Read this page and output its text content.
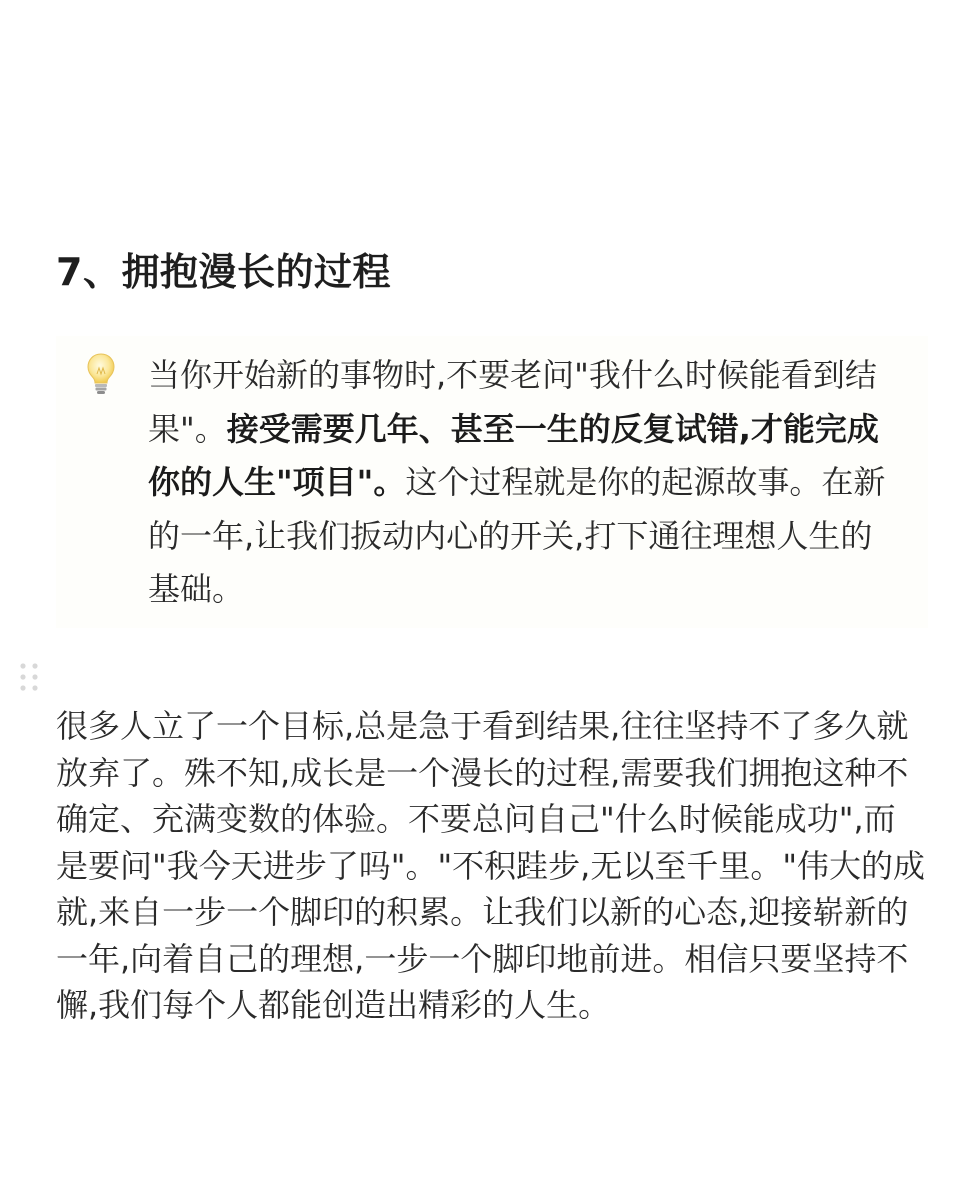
7、拥抱漫长的过程

当你开始新的事物时,不要老问"我什么时候能看到结果"。接受需要几年、甚至一生的反复试错,才能完成你的人生"项目"。这个过程就是你的起源故事。在新的一年,让我们扳动内心的开关,打下通往理想人生的基础。

很多人立了一个目标,总是急于看到结果,往往坚持不了多久就放弃了。殊不知,成长是一个漫长的过程,需要我们拥抱这种不确定、充满变数的体验。不要总问自己"什么时候能成功",而是要问"我今天进步了吗"。"不积跬步,无以至千里。"伟大的成就,来自一步一个脚印的积累。让我们以新的心态,迎接崭新的一年,向着自己的理想,一步一个脚印地前进。相信只要坚持不懈,我们每个人都能创造出精彩的人生。
